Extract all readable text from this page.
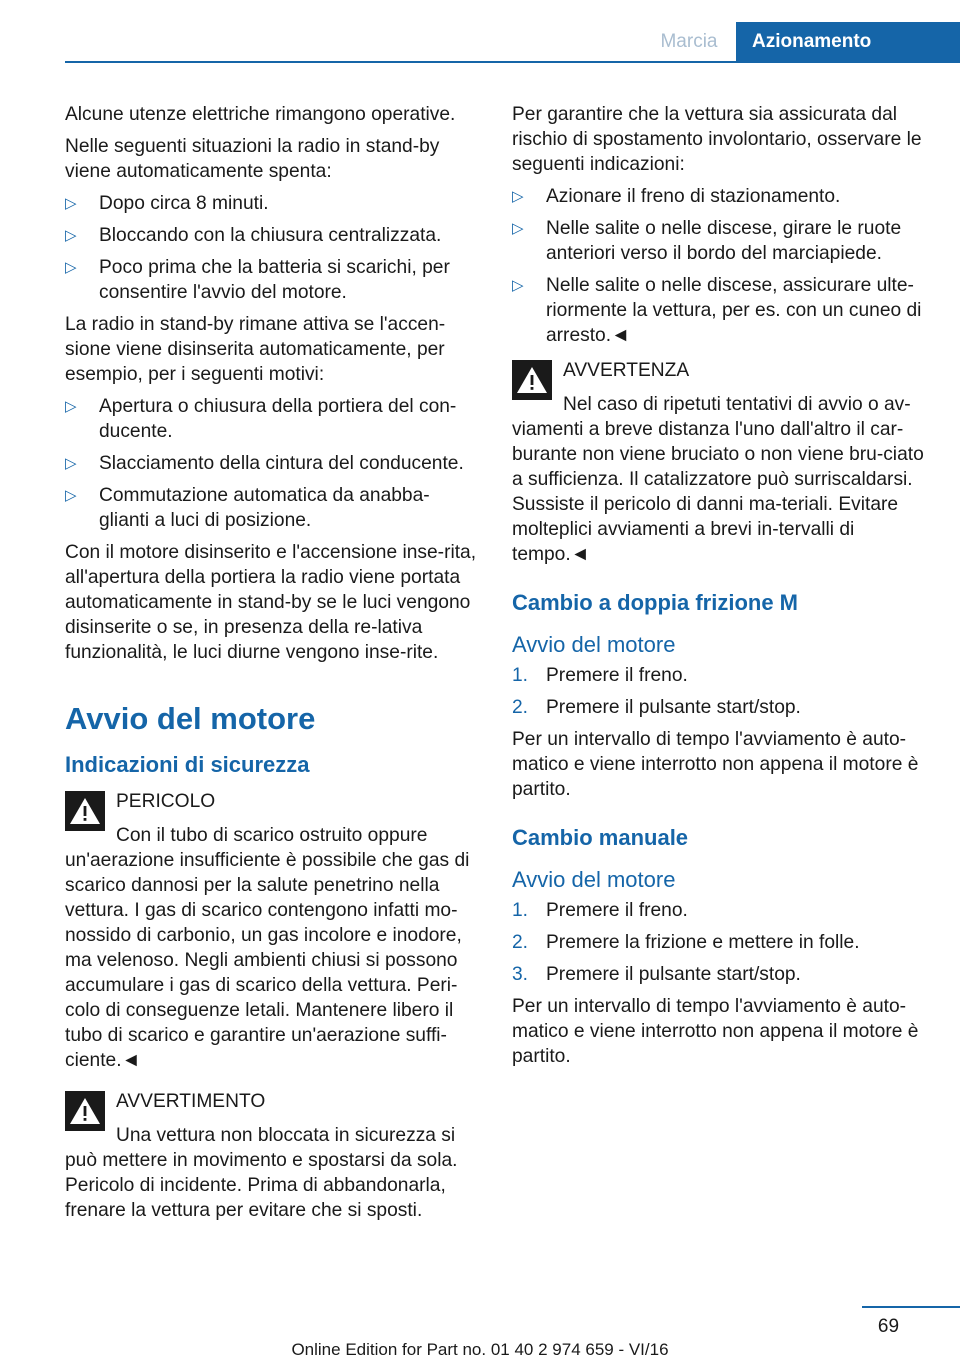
Marcia	Azionamento

Alcune utenze elettriche rimangono operative.

Nelle seguenti situazioni la radio in stand-by viene automaticamente spenta:

▷ Dopo circa 8 minuti.
▷ Bloccando con la chiusura centralizzata.
▷ Poco prima che la batteria si scarichi, per consentire l'avvio del motore.

La radio in stand-by rimane attiva se l'accen-sione viene disinserita automaticamente, per esempio, per i seguenti motivi:

▷ Apertura o chiusura della portiera del con-ducente.
▷ Slacciamento della cintura del conducente.
▷ Commutazione automatica da anabba-glianti a luci di posizione.

Con il motore disinserito e l'accensione inse-rita, all'apertura della portiera la radio viene portata automaticamente in stand-by se le luci vengono disinserite o se, in presenza della re-lativa funzionalità, le luci diurne vengono inse-rite.

Avvio del motore
Indicazioni di sicurezza
PERICOLO
Con il tubo di scarico ostruito oppure un'aerazione insufficiente è possibile che gas di scarico dannosi per la salute penetrino nella vettura. I gas di scarico contengono infatti mo-nossido di carbonio, un gas incolore e inodore, ma velenoso. Negli ambienti chiusi si possono accumulare i gas di scarico della vettura. Peri-colo di conseguenze letali. Mantenere libero il tubo di scarico e garantire un'aerazione suffi-ciente.◄
AVVERTIMENTO
Una vettura non bloccata in sicurezza si può mettere in movimento e spostarsi da sola. Pericolo di incidente. Prima di abbandonarla, frenare la vettura per evitare che si sposti.

Per garantire che la vettura sia assicurata dal rischio di spostamento involontario, osservare le seguenti indicazioni:

▷ Azionare il freno di stazionamento.
▷ Nelle salite o nelle discese, girare le ruote anteriori verso il bordo del marciapiede.
▷ Nelle salite o nelle discese, assicurare ulte-riormente la vettura, per es. con un cuneo di arresto.◄
AVVERTENZA
Nel caso di ripetuti tentativi di avvio o av-viamenti a breve distanza l'uno dall'altro il car-burante non viene bruciato o non viene bru-ciato a sufficienza. Il catalizzatore può surriscaldarsi. Sussiste il pericolo di danni ma-teriali. Evitare molteplici avviamenti a brevi in-tervalli di tempo.◄
Cambio a doppia frizione M
Avvio del motore
1. Premere il freno.
2. Premere il pulsante start/stop.

Per un intervallo di tempo l'avviamento è auto-matico e viene interrotto non appena il motore è partito.

Cambio manuale
Avvio del motore
1. Premere il freno.
2. Premere la frizione e mettere in folle.
3. Premere il pulsante start/stop.

Per un intervallo di tempo l'avviamento è auto-matico e viene interrotto non appena il motore è partito.

69
Online Edition for Part no. 01 40 2 974 659 - VI/16
